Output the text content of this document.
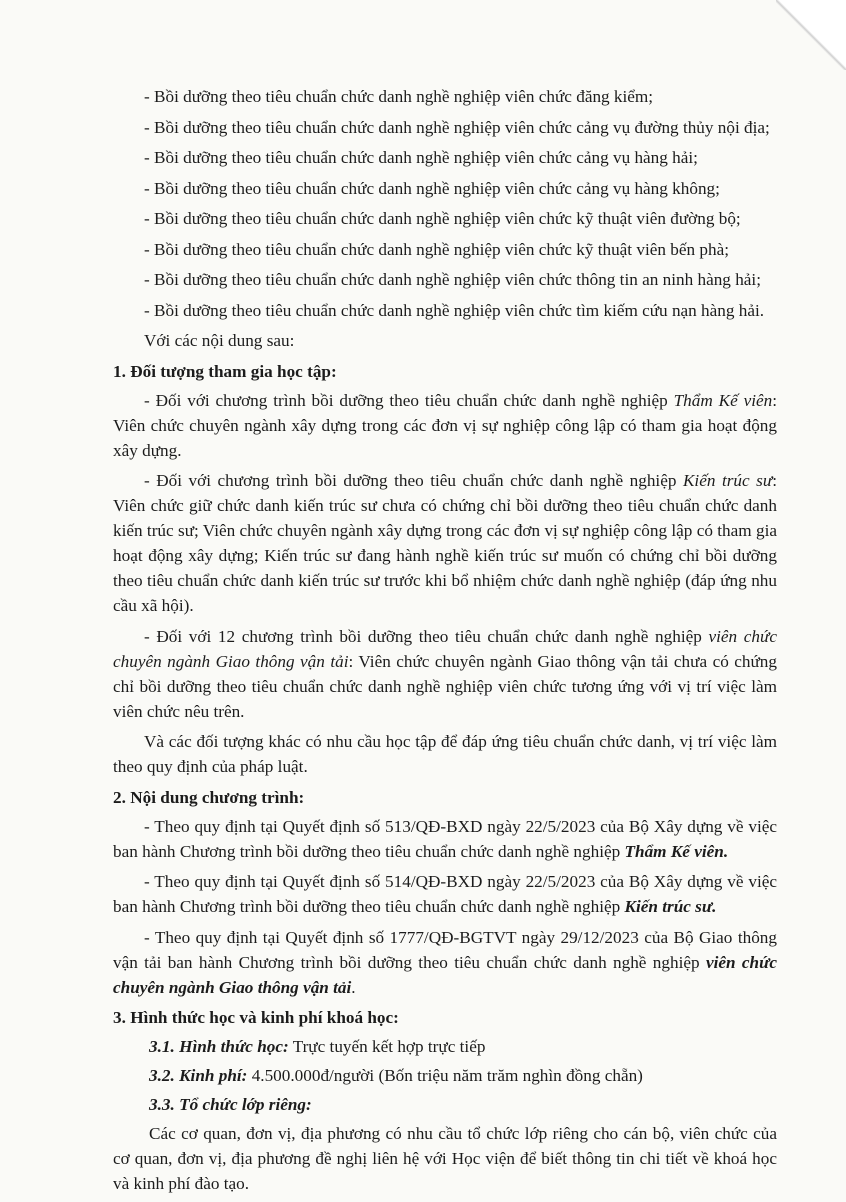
- Bồi dưỡng theo tiêu chuẩn chức danh nghề nghiệp viên chức đăng kiểm;

- Bồi dưỡng theo tiêu chuẩn chức danh nghề nghiệp viên chức cảng vụ đường thủy nội địa;

- Bồi dưỡng theo tiêu chuẩn chức danh nghề nghiệp viên chức cảng vụ hàng hải;

- Bồi dưỡng theo tiêu chuẩn chức danh nghề nghiệp viên chức cảng vụ hàng không;

- Bồi dưỡng theo tiêu chuẩn chức danh nghề nghiệp viên chức kỹ thuật viên đường bộ;

- Bồi dưỡng theo tiêu chuẩn chức danh nghề nghiệp viên chức kỹ thuật viên bến phà;

- Bồi dưỡng theo tiêu chuẩn chức danh nghề nghiệp viên chức thông tin an ninh hàng hải;

- Bồi dưỡng theo tiêu chuẩn chức danh nghề nghiệp viên chức tìm kiếm cứu nạn hàng hải.

Với các nội dung sau:

1. Đối tượng tham gia học tập:

- Đối với chương trình bồi dưỡng theo tiêu chuẩn chức danh nghề nghiệp Thẩm Kế viên: Viên chức chuyên ngành xây dựng trong các đơn vị sự nghiệp công lập có tham gia hoạt động xây dựng.

- Đối với chương trình bồi dưỡng theo tiêu chuẩn chức danh nghề nghiệp Kiến trúc sư: Viên chức giữ chức danh kiến trúc sư chưa có chứng chỉ bồi dưỡng theo tiêu chuẩn chức danh kiến trúc sư; Viên chức chuyên ngành xây dựng trong các đơn vị sự nghiệp công lập có tham gia hoạt động xây dựng; Kiến trúc sư đang hành nghề kiến trúc sư muốn có chứng chỉ bồi dưỡng theo tiêu chuẩn chức danh kiến trúc sư trước khi bổ nhiệm chức danh nghề nghiệp (đáp ứng nhu cầu xã hội).

- Đối với 12 chương trình bồi dưỡng theo tiêu chuẩn chức danh nghề nghiệp viên chức chuyên ngành Giao thông vận tải: Viên chức chuyên ngành Giao thông vận tải chưa có chứng chỉ bồi dưỡng theo tiêu chuẩn chức danh nghề nghiệp viên chức tương ứng với vị trí việc làm viên chức nêu trên.

Và các đối tượng khác có nhu cầu học tập để đáp ứng tiêu chuẩn chức danh, vị trí việc làm theo quy định của pháp luật.

2. Nội dung chương trình:

- Theo quy định tại Quyết định số 513/QĐ-BXD ngày 22/5/2023 của Bộ Xây dựng về việc ban hành Chương trình bồi dưỡng theo tiêu chuẩn chức danh nghề nghiệp Thẩm Kế viên.

- Theo quy định tại Quyết định số 514/QĐ-BXD ngày 22/5/2023 của Bộ Xây dựng về việc ban hành Chương trình bồi dưỡng theo tiêu chuẩn chức danh nghề nghiệp Kiến trúc sư.

- Theo quy định tại Quyết định số 1777/QĐ-BGTVT ngày 29/12/2023 của Bộ Giao thông vận tải ban hành Chương trình bồi dưỡng theo tiêu chuẩn chức danh nghề nghiệp viên chức chuyên ngành Giao thông vận tải.

3. Hình thức học và kinh phí khoá học:

3.1. Hình thức học: Trực tuyến kết hợp trực tiếp

3.2. Kinh phí: 4.500.000đ/người (Bốn triệu năm trăm nghìn đồng chẵn)

3.3. Tổ chức lớp riêng:

Các cơ quan, đơn vị, địa phương có nhu cầu tổ chức lớp riêng cho cán bộ, viên chức của cơ quan, đơn vị, địa phương đề nghị liên hệ với Học viện để biết thông tin chi tiết về khoá học và kinh phí đào tạo.
